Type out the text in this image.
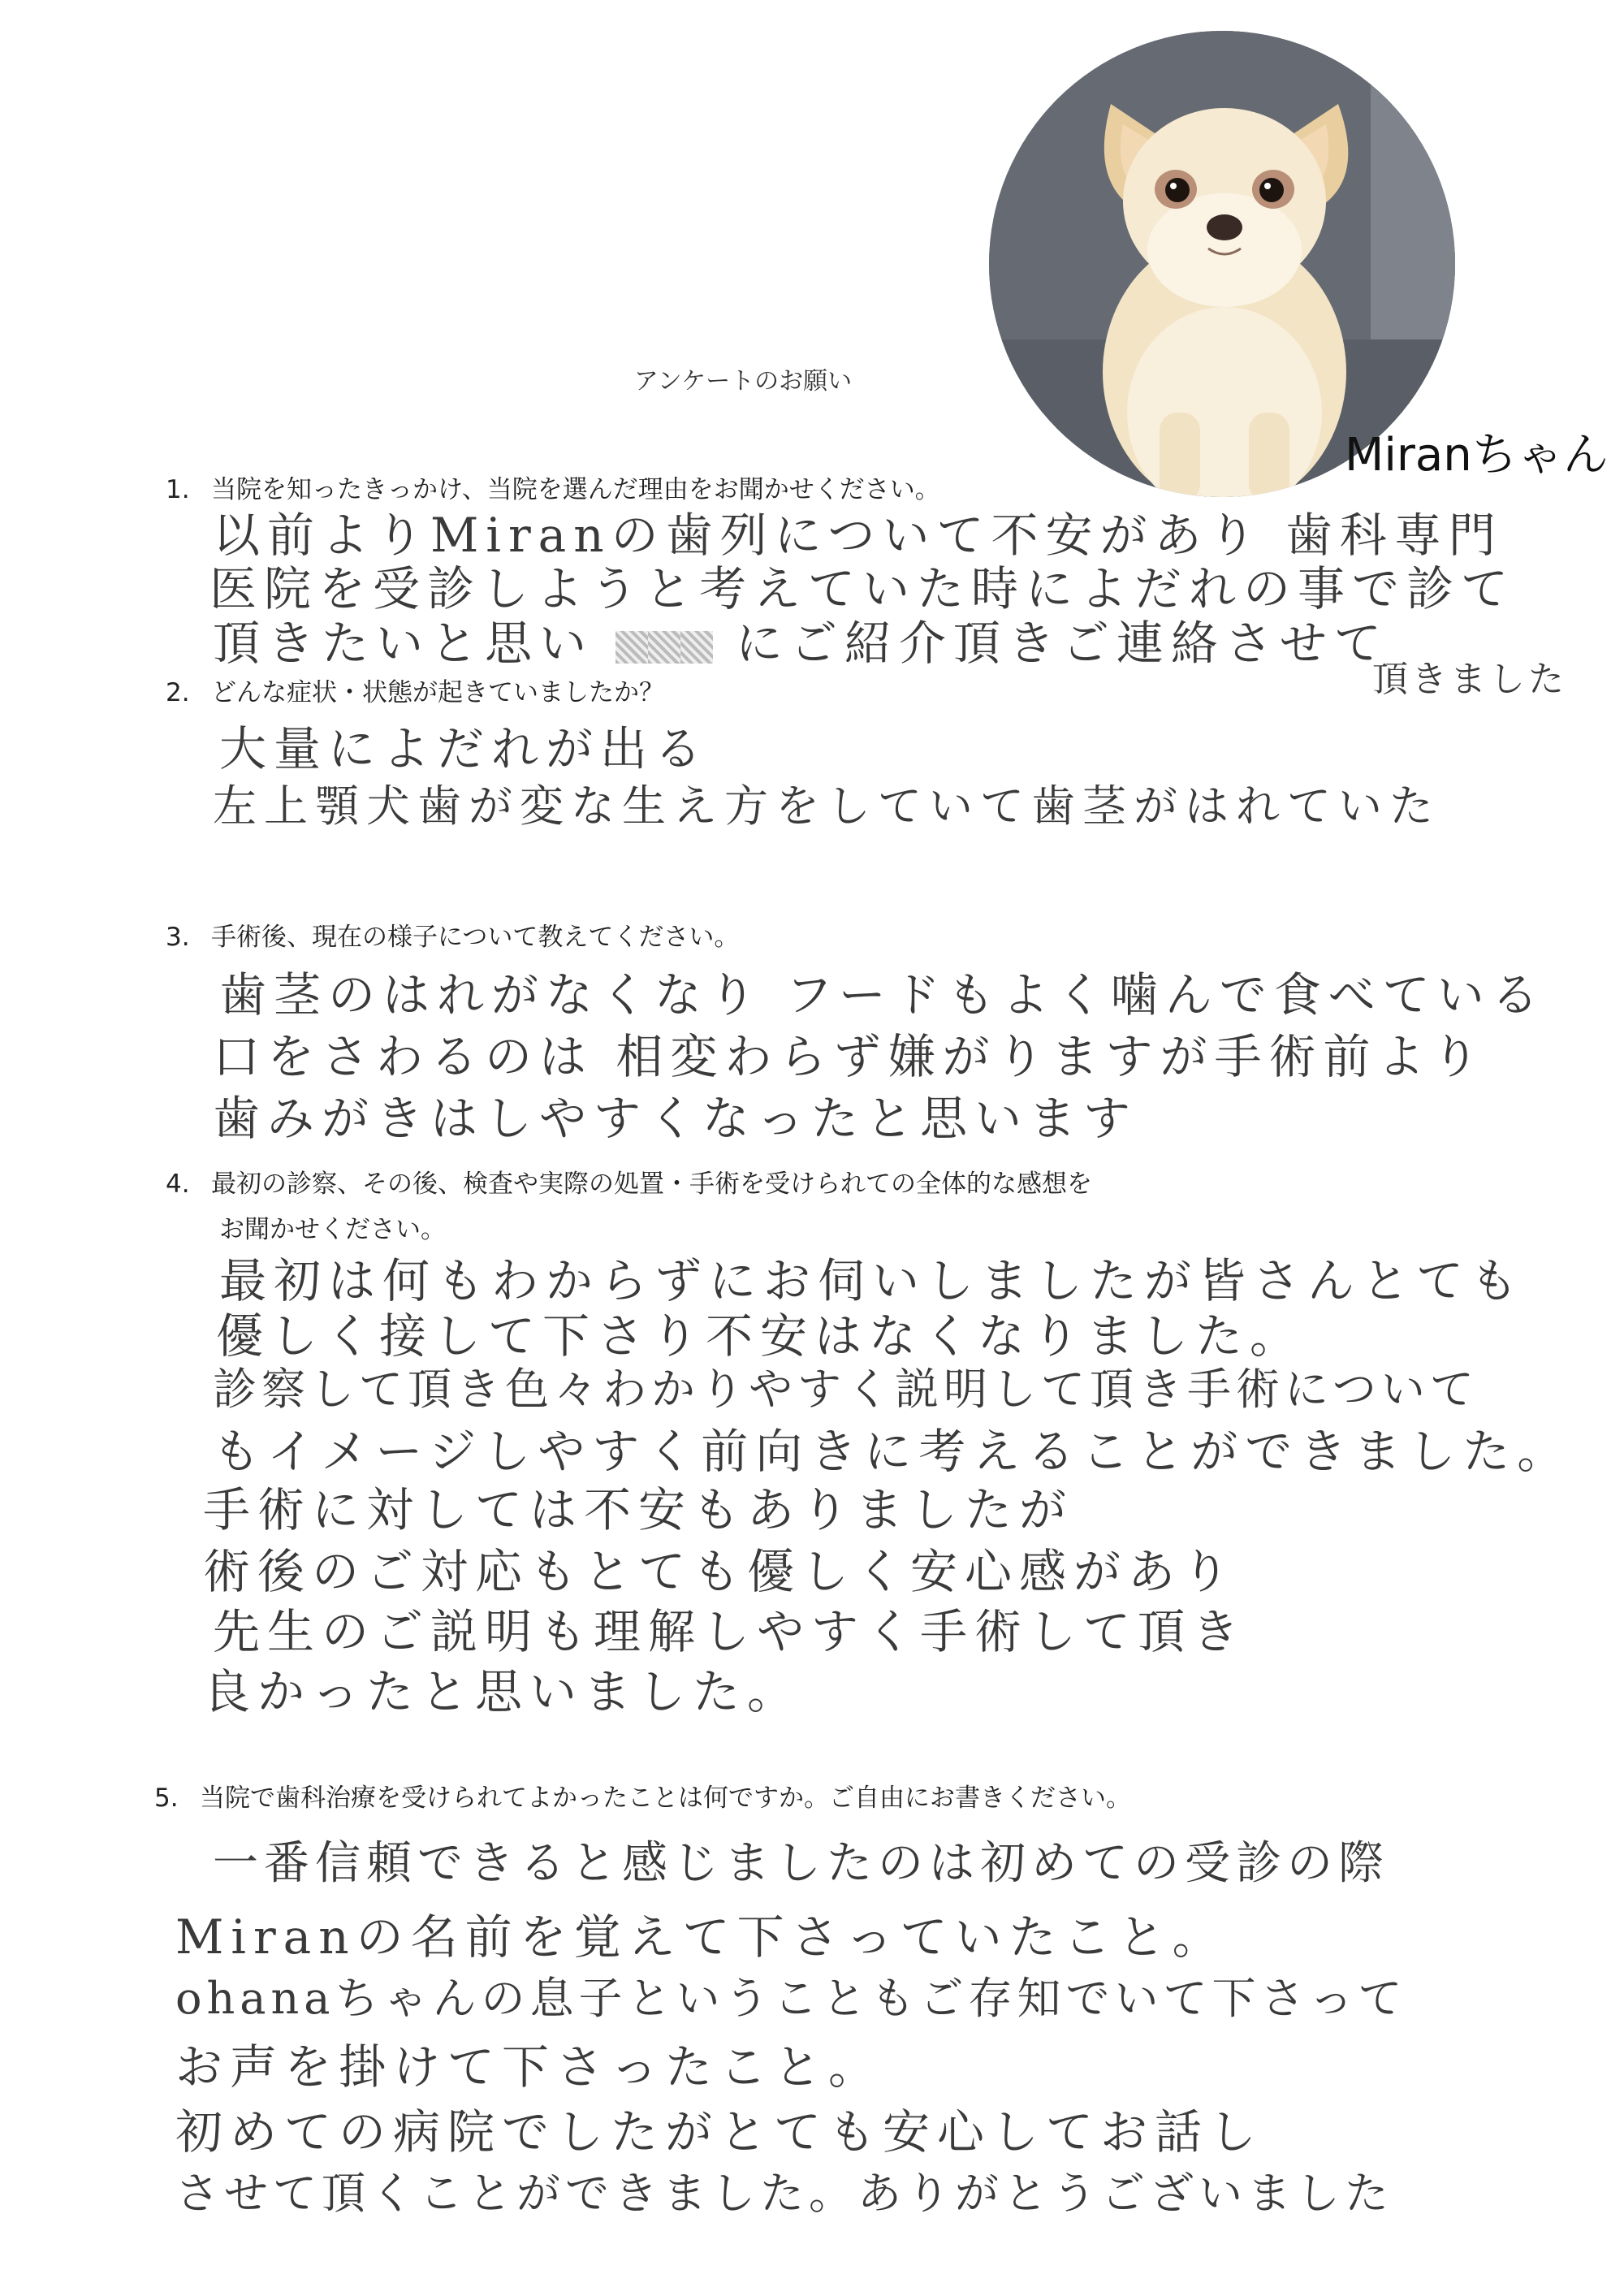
Miranちゃん
アンケートのお願い
1. 当院を知ったきっかけ、当院を選んだ理由をお聞かせください。
以前よりMiranの歯列について不安があり 歯科専門
医院を受診しようと考えていた時によだれの事で診て
頂きたいと思い	にご紹介頂きご連絡させて
頂きました
2. どんな症状・状態が起きていましたか？
大量によだれが出る
左上顎犬歯が変な生え方をしていて歯茎がはれていた
3. 手術後、現在の様子について教えてください。
歯茎のはれがなくなり フードもよく噛んで食べている
口をさわるのは 相変わらず嫌がりますが手術前より
歯みがきはしやすくなったと思います
4. 最初の診察、その後、検査や実際の処置・手術を受けられての全体的な感想を
お聞かせください。
最初は何もわからずにお伺いしましたが皆さんとても
優しく接して下さり不安はなくなりました。
診察して頂き色々わかりやすく説明して頂き手術について
もイメージしやすく前向きに考えることができました。
手術に対しては不安もありましたが
術後のご対応もとても優しく安心感があり
先生のご説明も理解しやすく手術して頂き
良かったと思いました。
5. 当院で歯科治療を受けられてよかったことは何ですか。ご自由にお書きください。
一番信頼できると感じましたのは初めての受診の際
Miranの名前を覚えて下さっていたこと。
ohanaちゃんの息子ということもご存知でいて下さって
お声を掛けて下さったこと。
初めての病院でしたがとても安心してお話し
させて頂くことができました。ありがとうございました
